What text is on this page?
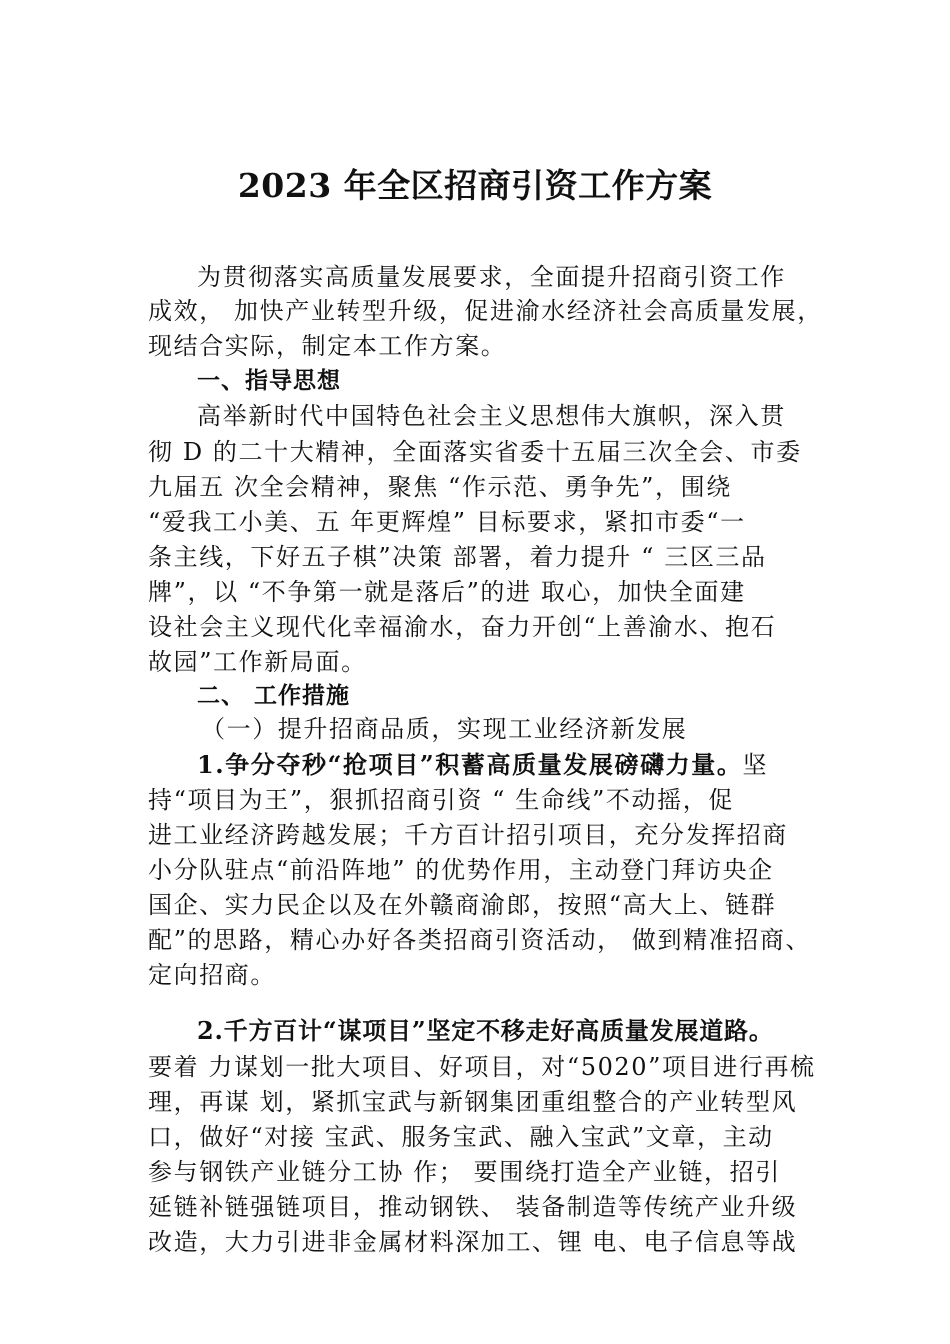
2023 年全区招商引资工作方案
为贯彻落实高质量发展要求，全面提升招商引资工作
成效， 加快产业转型升级，促进渝水经济社会高质量发展，
现结合实际，制定本工作方案。
一、指导思想
高举新时代中国特色社会主义思想伟大旗帜，深入贯
彻 D 的二十大精神，全面落实省委十五届三次全会、市委
九届五 次全会精神，聚焦 “作示范、勇争先”，围绕
“爱我工小美、五 年更辉煌” 目标要求，紧扣市委“一
条主线，下好五子棋”决策 部署，着力提升 “ 三区三品
牌”，以 “不争第一就是落后”的进 取心，加快全面建
设社会主义现代化幸福渝水，奋力开创“上善渝水、抱石
故园”工作新局面。
二、 工作措施
（一）提升招商品质，实现工业经济新发展
1.争分夺秒“抢项目”积蓄高质量发展磅礴力量。坚
持“项目为王”，狠抓招商引资 “ 生命线”不动摇，促
进工业经济跨越发展；千方百计招引项目，充分发挥招商
小分队驻点“前沿阵地” 的优势作用，主动登门拜访央企
国企、实力民企以及在外赣商渝郎，按照“高大上、链群
配”的思路，精心办好各类招商引资活动， 做到精准招商、
定向招商。
2.千方百计“谋项目”坚定不移走好高质量发展道路。
要着 力谋划一批大项目、好项目，对“5020”项目进行再梳
理，再谋 划，紧抓宝武与新钢集团重组整合的产业转型风
口，做好“对接 宝武、服务宝武、融入宝武”文章，主动
参与钢铁产业链分工协 作； 要围绕打造全产业链，招引
延链补链强链项目，推动钢铁、 装备制造等传统产业升级
改造，大力引进非金属材料深加工、锂 电、电子信息等战
